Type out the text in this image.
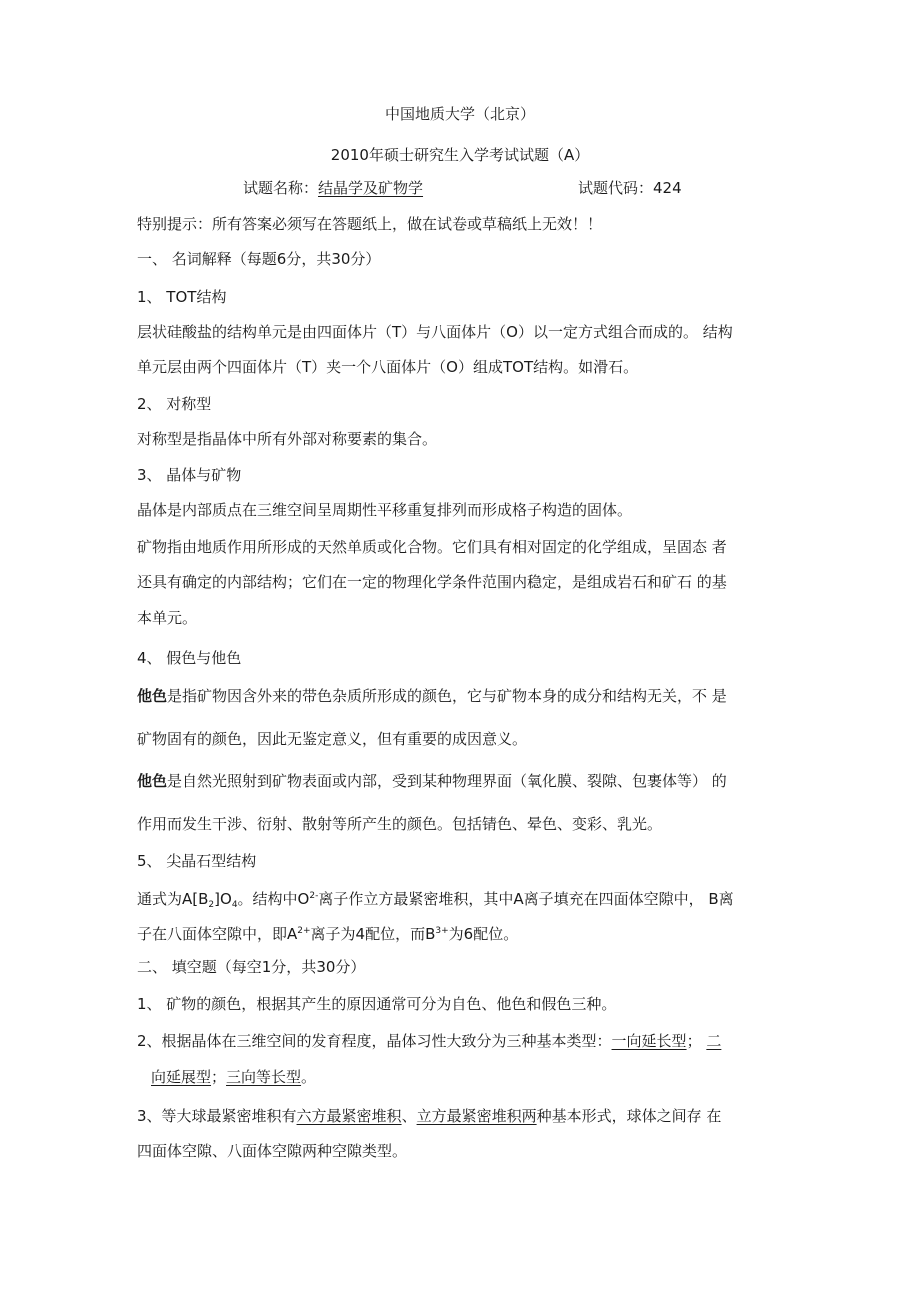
中国地质大学（北京）
2010年硕士研究生入学考试试题（A）
试题名称：结晶学及矿物学	试题代码：424
特别提示：所有答案必须写在答题纸上，做在试卷或草稿纸上无效！！
一、 名词解释（每题6分，共30分）
1、 TOT结构
层状硅酸盐的结构单元是由四面体片（T）与八面体片（O）以一定方式组合而成的。 结构
单元层由两个四面体片（T）夹一个八面体片（O）组成TOT结构。如滑石。
2、 对称型
对称型是指晶体中所有外部对称要素的集合。
3、 晶体与矿物
晶体是内部质点在三维空间呈周期性平移重复排列而形成格子构造的固体。
矿物指由地质作用所形成的天然单质或化合物。它们具有相对固定的化学组成，呈固态 者
还具有确定的内部结构；它们在一定的物理化学条件范围内稳定，是组成岩石和矿石 的基
本单元。
4、 假色与他色
他色是指矿物因含外来的带色杂质所形成的颜色，它与矿物本身的成分和结构无关，不 是
矿物固有的颜色，因此无鉴定意义，但有重要的成因意义。
他色是自然光照射到矿物表面或内部，受到某种物理界面（氧化膜、裂隙、包裹体等） 的
作用而发生干涉、衍射、散射等所产生的颜色。包括锖色、晕色、变彩、乳光。
5、 尖晶石型结构
通式为$A[B_2]O_4$。结构中$O^{2-}$离子作立方最紧密堆积，其中A离子填充在四面体空隙中， B离
子在八面体空隙中，即$A^{2+}$离子为4配位，而$B^{3+}$为6配位。
二、 填空题（每空1分，共30分）
1、 矿物的颜色，根据其产生的原因通常可分为自色、他色和假色三种。
2、根据晶体在三维空间的发育程度，晶体习性大致分为三种基本类型：一向延长型； 二
向延展型；三向等长型。
3、等大球最紧密堆积有六方最紧密堆积、立方最紧密堆积两种基本形式，球体之间存 在
四面体空隙、八面体空隙两种空隙类型。
